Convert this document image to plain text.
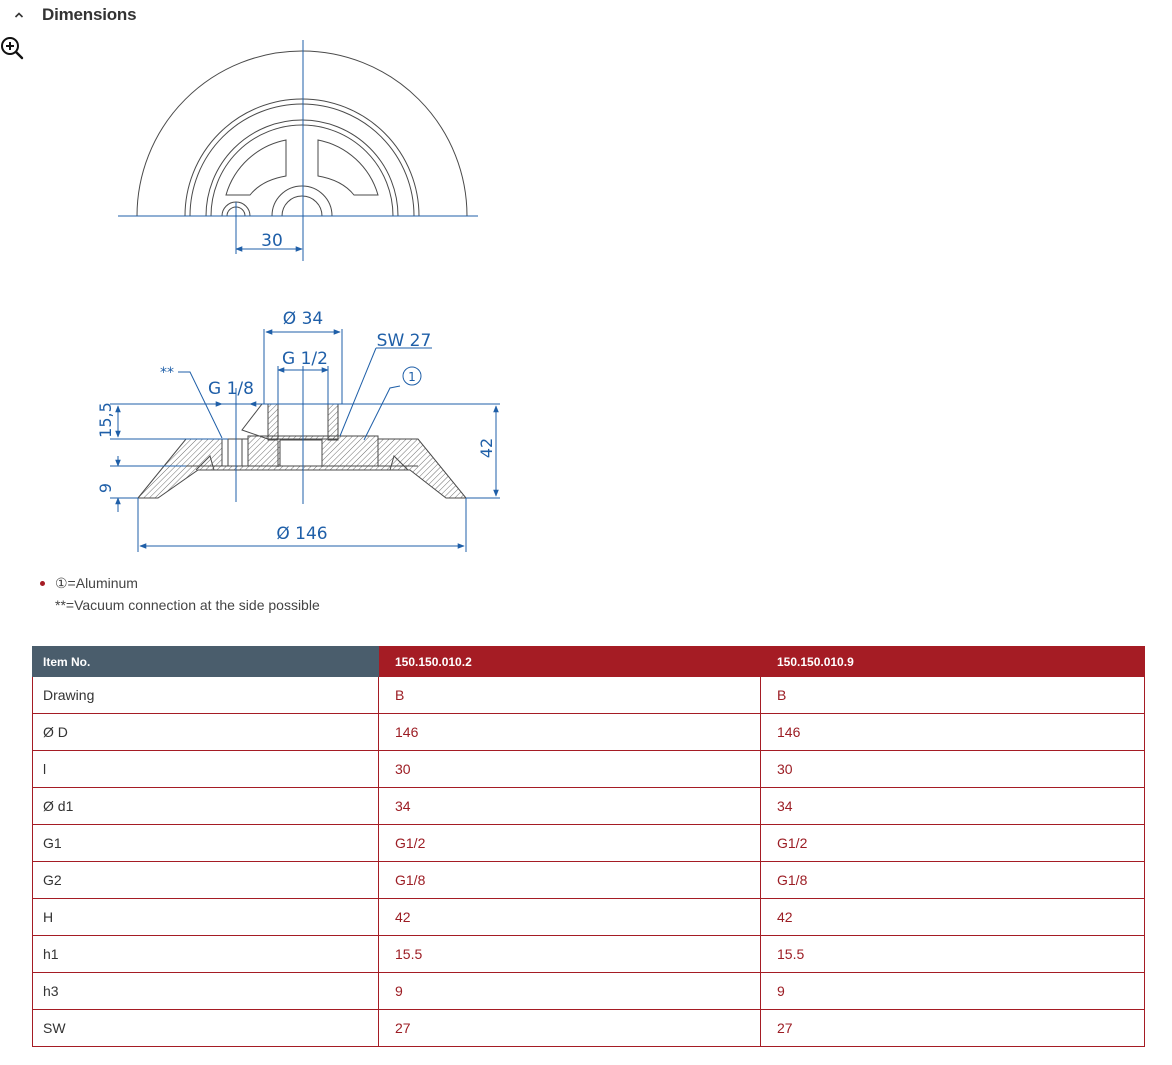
Dimensions
30
Ø 34
G 1/2
G 1/8
SW 27
**
Ø 146
15,5
9
42
1
①=Aluminum
**=Vacuum connection at the side possible
Item No.	150.150.010.2	150.150.010.9
Drawing	B	B
Ø D	146	146
l	30	30
Ø d1	34	34
G1	G1/2	G1/2
G2	G1/8	G1/8
H	42	42
h1	15.5	15.5
h3	9	9
SW	27	27
